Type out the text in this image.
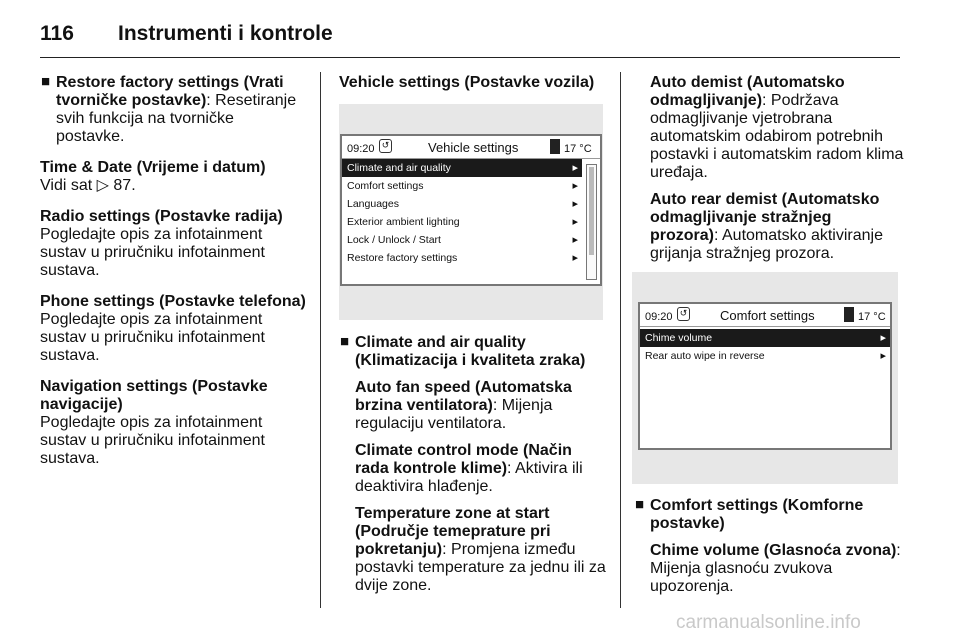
116 Instrumenti i kontrole
■ Restore factory settings (Vrati tvorničke postavke): Resetiranje svih funkcija na tvorničke postavke.
Time & Date (Vrijeme i datum)
Vidi sat ▷ 87.
Radio settings (Postavke radija)
Pogledajte opis za infotainment sustav u priručniku infotainment sustava.
Phone settings (Postavke telefona)
Pogledajte opis za infotainment sustav u priručniku infotainment sustava.
Navigation settings (Postavke navigacije)
Pogledajte opis za infotainment sustav u priručniku infotainment sustava.
Vehicle settings (Postavke vozila)
09:20 ↺	Vehicle settings	17 °C
Climate and air quality	▸
Comfort settings	▸
Languages	▸
Exterior ambient lighting	▸
Lock / Unlock / Start	▸
Restore factory settings	▸
■ Climate and air quality (Klimatizacija i kvaliteta zraka)
Auto fan speed (Automatska brzina ventilatora): Mijenja regulaciju ventilatora.
Climate control mode (Način rada kontrole klime): Aktivira ili deaktivira hlađenje.
Temperature zone at start (Područje temeprature pri pokretanju): Promjena između postavki temperature za jednu ili za dvije zone.
Auto demist (Automatsko odmagljivanje): Podržava odmagljivanje vjetrobrana automatskim odabirom potrebnih postavki i automatskim radom klima uređaja.
Auto rear demist (Automatsko odmagljivanje stražnjeg prozora): Automatsko aktiviranje grijanja stražnjeg prozora.
09:20 ↺	Comfort settings	17 °C
Chime volume	▸
Rear auto wipe in reverse	▸
■ Comfort settings (Komforne postavke)
Chime volume (Glasnoća zvona): Mijenja glasnoću zvukova upozorenja.
carmanualsonline.info
